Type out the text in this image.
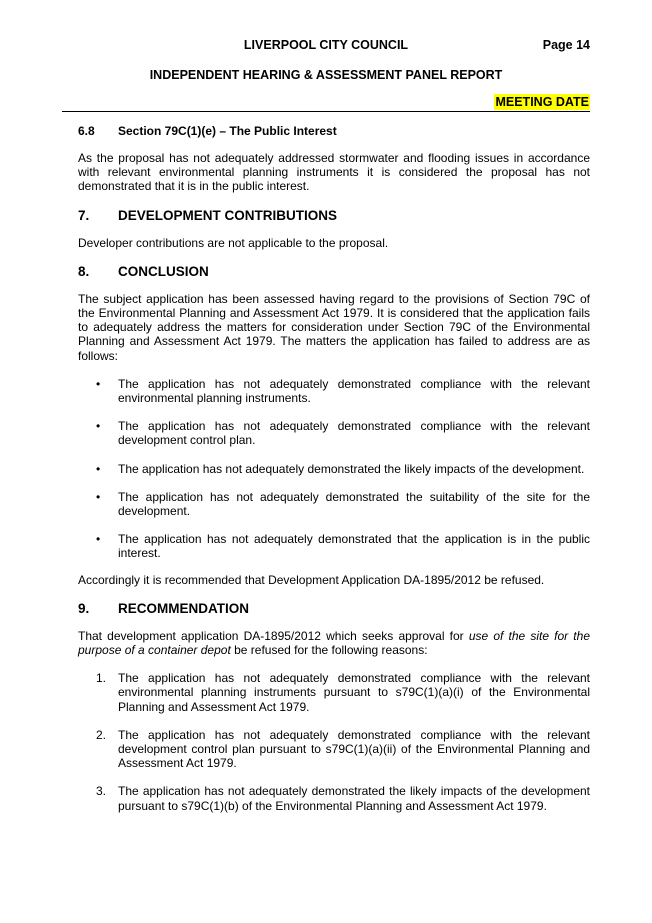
LIVERPOOL CITY COUNCIL	Page 14
INDEPENDENT HEARING & ASSESSMENT PANEL REPORT
MEETING DATE
6.8	Section 79C(1)(e) – The Public Interest

As the proposal has not adequately addressed stormwater and flooding issues in accordance with relevant environmental planning instruments it is considered the proposal has not demonstrated that it is in the public interest.

7.	DEVELOPMENT CONTRIBUTIONS

Developer contributions are not applicable to the proposal.

8.	CONCLUSION

The subject application has been assessed having regard to the provisions of Section 79C of the Environmental Planning and Assessment Act 1979. It is considered that the application fails to adequately address the matters for consideration under Section 79C of the Environmental Planning and Assessment Act 1979. The matters the application has failed to address are as follows:

•	The application has not adequately demonstrated compliance with the relevant environmental planning instruments.
•	The application has not adequately demonstrated compliance with the relevant development control plan.
•	The application has not adequately demonstrated the likely impacts of the development.
•	The application has not adequately demonstrated the suitability of the site for the development.
•	The application has not adequately demonstrated that the application is in the public interest.

Accordingly it is recommended that Development Application DA-1895/2012 be refused.

9.	RECOMMENDATION

That development application DA-1895/2012 which seeks approval for use of the site for the purpose of a container depot be refused for the following reasons:

1. The application has not adequately demonstrated compliance with the relevant environmental planning instruments pursuant to s79C(1)(a)(i) of the Environmental Planning and Assessment Act 1979.
2. The application has not adequately demonstrated compliance with the relevant development control plan pursuant to s79C(1)(a)(ii) of the Environmental Planning and Assessment Act 1979.
3. The application has not adequately demonstrated the likely impacts of the development pursuant to s79C(1)(b) of the Environmental Planning and Assessment Act 1979.
